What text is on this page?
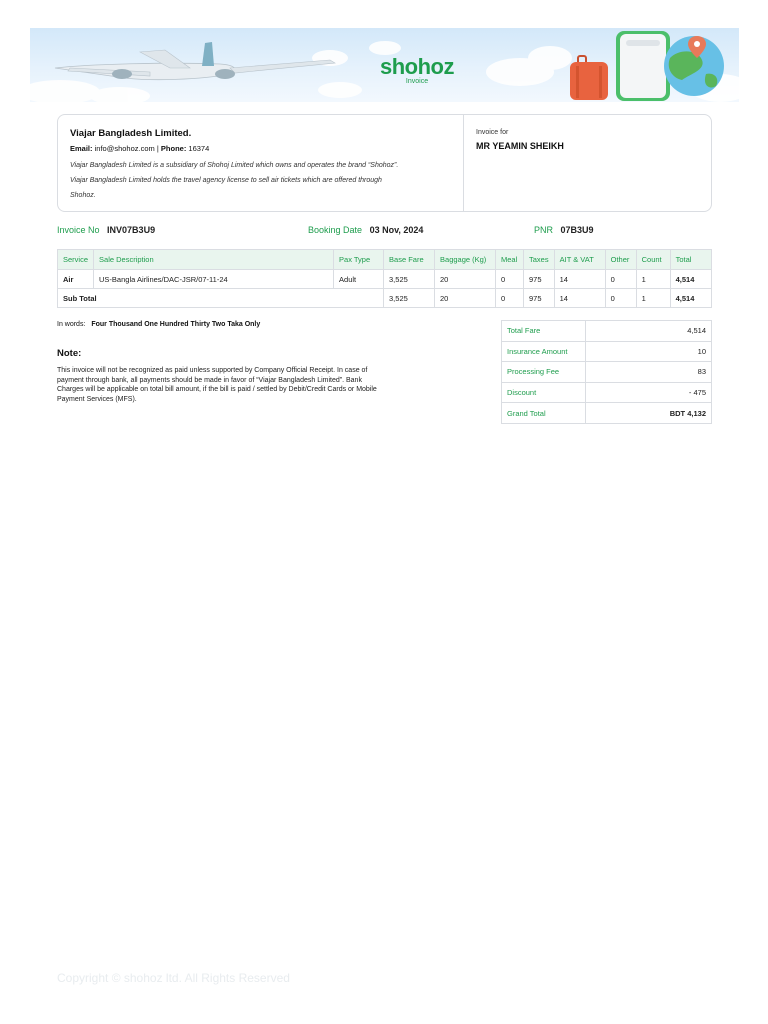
shohoz
Invoice
Viajar Bangladesh Limited.
Email: info@shohoz.com | Phone: 16374
Viajar Bangladesh Limited is a subsidiary of Shohoj Limited which owns and operates the brand “Shohoz”.
Viajar Bangladesh Limited holds the travel agency license to sell air tickets which are offered through
Shohoz.
Invoice for
MR YEAMIN SHEIKH
Invoice No INV07B3U9	Booking Date 03 Nov, 2024	PNR 07B3U9
Service	Sale Description	Pax Type	Base Fare	Baggage (Kg)	Meal	Taxes	AIT & VAT	Other	Count	Total
Air	US-Bangla Airlines/DAC-JSR/07-11-24	Adult	3,525	20	0	975	14	0	1	4,514
Sub Total			3,525	20	0	975	14	0	1	4,514
In words: Four Thousand One Hundred Thirty Two Taka Only
Note:
This invoice will not be recognized as paid unless supported by Company Official Receipt. In case of payment through bank, all payments should be made in favor of “Viajar Bangladesh Limited”. Bank Charges will be applicable on total bill amount, if the bill is paid / settled by Debit/Credit Cards or Mobile Payment Services (MFS).
Total Fare	4,514
Insurance Amount	10
Processing Fee	83
Discount	- 475
Grand Total	BDT 4,132
Copyright © shohoz ltd. All Rights Reserved
